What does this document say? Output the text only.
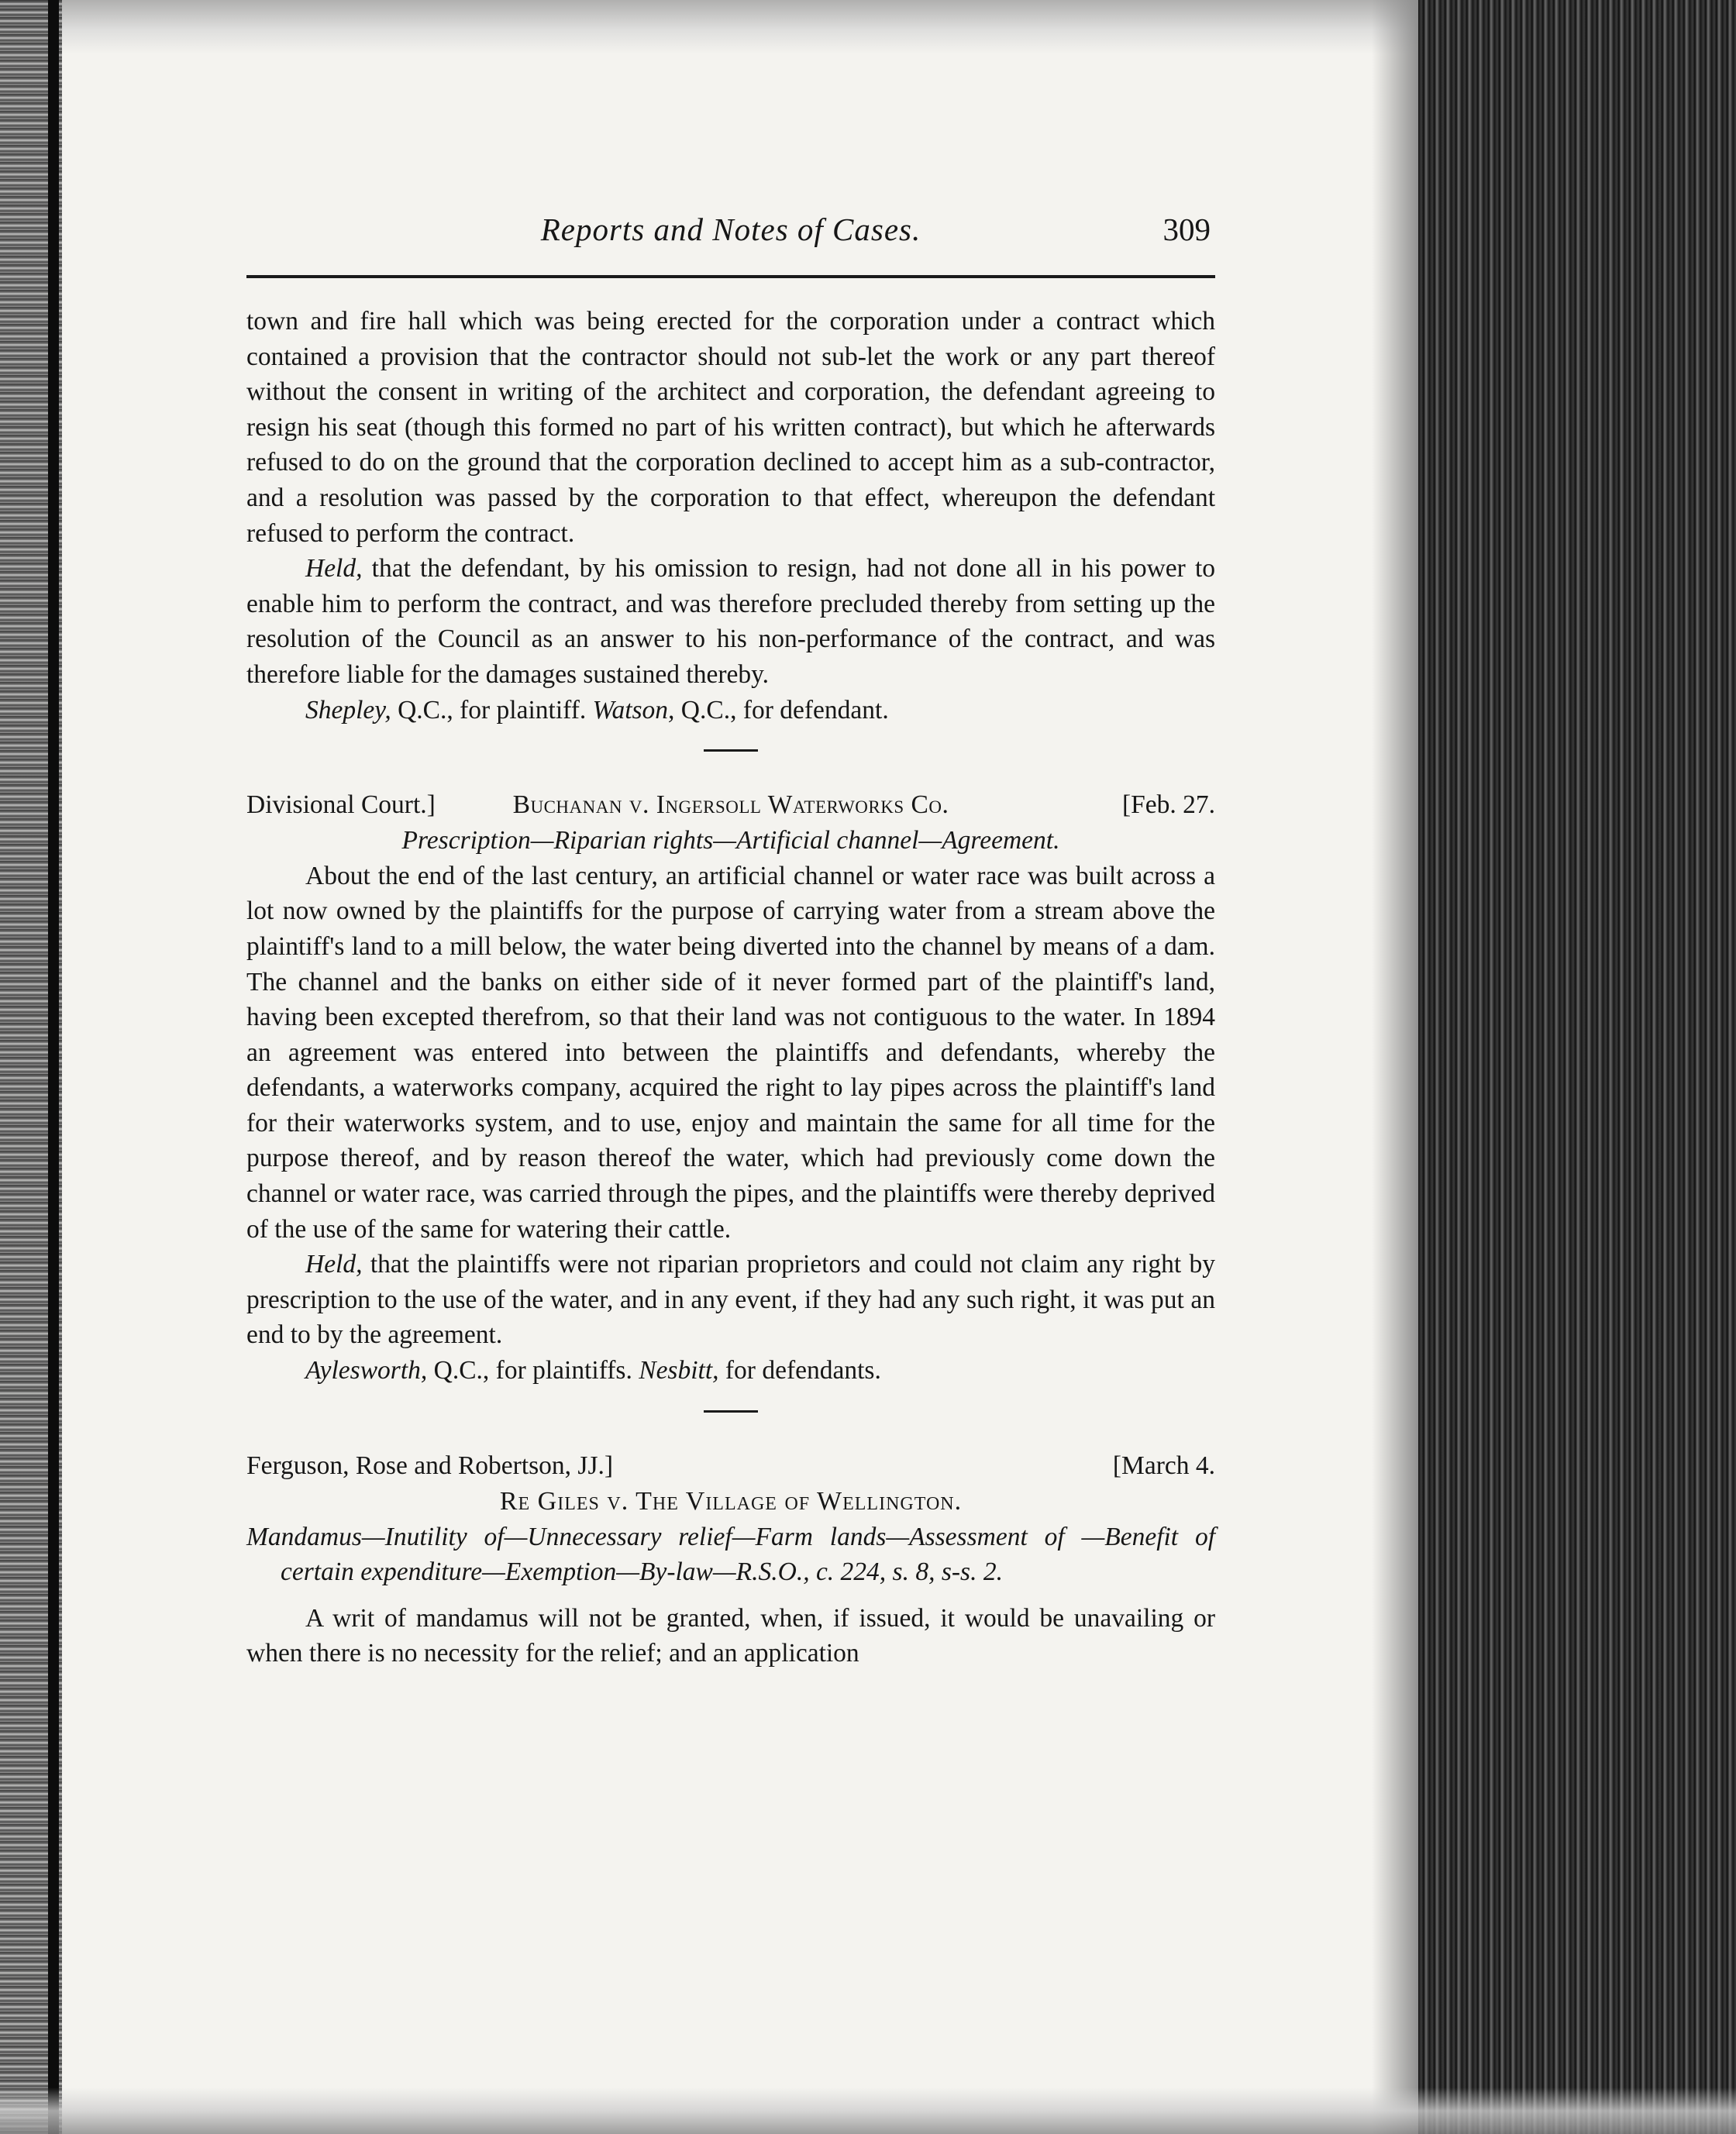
Reports and Notes of Cases.	309

town and fire hall which was being erected for the corporation under a contract which contained a provision that the contractor should not sub-let the work or any part thereof without the consent in writing of the architect and corporation, the defendant agreeing to resign his seat (though this formed no part of his written contract), but which he afterwards refused to do on the ground that the corporation declined to accept him as a sub-contractor, and a resolution was passed by the corporation to that effect, whereupon the defendant refused to perform the contract.

Held, that the defendant, by his omission to resign, had not done all in his power to enable him to perform the contract, and was therefore precluded thereby from setting up the resolution of the Council as an answer to his non-performance of the contract, and was therefore liable for the damages sustained thereby.

Shepley, Q.C., for plaintiff. Watson, Q.C., for defendant.
Divisional Court.]	Buchanan v. Ingersoll Waterworks Co.	[Feb. 27.
Prescription—Riparian rights—Artificial channel—Agreement.

About the end of the last century, an artificial channel or water race was built across a lot now owned by the plaintiffs for the purpose of carrying water from a stream above the plaintiff's land to a mill below, the water being diverted into the channel by means of a dam. The channel and the banks on either side of it never formed part of the plaintiff's land, having been excepted therefrom, so that their land was not contiguous to the water. In 1894 an agreement was entered into between the plaintiffs and defendants, whereby the defendants, a waterworks company, acquired the right to lay pipes across the plaintiff's land for their waterworks system, and to use, enjoy and maintain the same for all time for the purpose thereof, and by reason thereof the water, which had previously come down the channel or water race, was carried through the pipes, and the plaintiffs were thereby deprived of the use of the same for watering their cattle.

Held, that the plaintiffs were not riparian proprietors and could not claim any right by prescription to the use of the water, and in any event, if they had any such right, it was put an end to by the agreement.

Aylesworth, Q.C., for plaintiffs. Nesbitt, for defendants.
Ferguson, Rose and Robertson, JJ.]	[March 4.
Re Giles v. The Village of Wellington.
Mandamus—Inutility of—Unnecessary relief—Farm lands—Assessment of —Benefit of certain expenditure—Exemption—By-law—R.S.O., c. 224, s. 8, s-s. 2.

A writ of mandamus will not be granted, when, if issued, it would be unavailing or when there is no necessity for the relief; and an application
